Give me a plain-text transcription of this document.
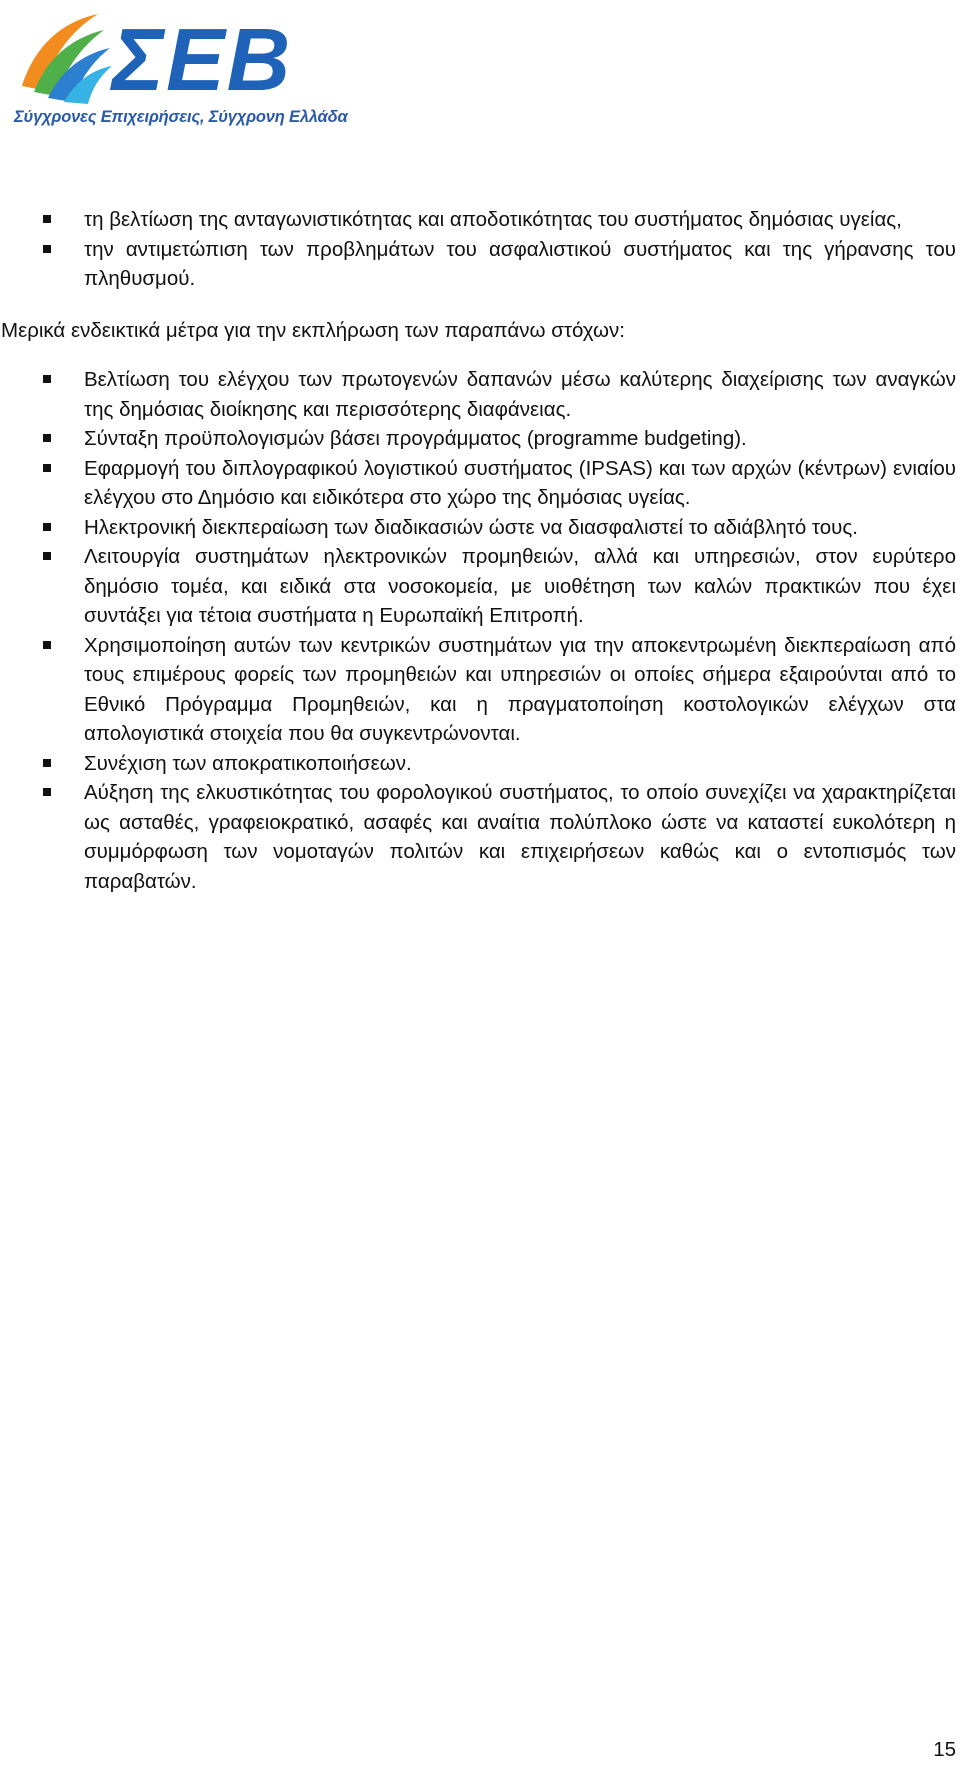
ΣΕΒ
Σύγχρονες Επιχειρήσεις, Σύγχρονη Ελλάδα
τη βελτίωση της ανταγωνιστικότητας και αποδοτικότητας του συστήματος δημόσιας υγείας,
την αντιμετώπιση των προβλημάτων του ασφαλιστικού συστήματος και της γήρανσης του πληθυσμού.

Μερικά ενδεικτικά μέτρα για την εκπλήρωση των παραπάνω στόχων:

Βελτίωση του ελέγχου των πρωτογενών δαπανών μέσω καλύτερης διαχείρισης των αναγκών της δημόσιας διοίκησης και περισσότερης διαφάνειας.
Σύνταξη προϋπολογισμών βάσει προγράμματος (programme budgeting).
Εφαρμογή του διπλογραφικού λογιστικού συστήματος (IPSAS) και των αρχών (κέντρων) ενιαίου ελέγχου στο Δημόσιο και ειδικότερα στο χώρο της δημόσιας υγείας.
Ηλεκτρονική διεκπεραίωση των διαδικασιών ώστε να διασφαλιστεί το αδιάβλητό τους.
Λειτουργία συστημάτων ηλεκτρονικών προμηθειών, αλλά και υπηρεσιών, στον ευρύτερο δημόσιο τομέα, και ειδικά στα νοσοκομεία, με υιοθέτηση των καλών πρακτικών που έχει συντάξει για τέτοια συστήματα η Ευρωπαϊκή Επιτροπή.
Χρησιμοποίηση αυτών των κεντρικών συστημάτων για την αποκεντρωμένη διεκπεραίωση από τους επιμέρους φορείς των προμηθειών και υπηρεσιών οι οποίες σήμερα εξαιρούνται από το Εθνικό Πρόγραμμα Προμηθειών, και η πραγματοποίηση κοστολογικών ελέγχων στα απολογιστικά στοιχεία που θα συγκεντρώνονται.
Συνέχιση των αποκρατικοποιήσεων.
Αύξηση της ελκυστικότητας του φορολογικού συστήματος, το οποίο συνεχίζει να χαρακτηρίζεται ως ασταθές, γραφειοκρατικό, ασαφές και αναίτια πολύπλοκο ώστε να καταστεί ευκολότερη η συμμόρφωση των νομοταγών πολιτών και επιχειρήσεων καθώς και ο εντοπισμός των παραβατών.
15
